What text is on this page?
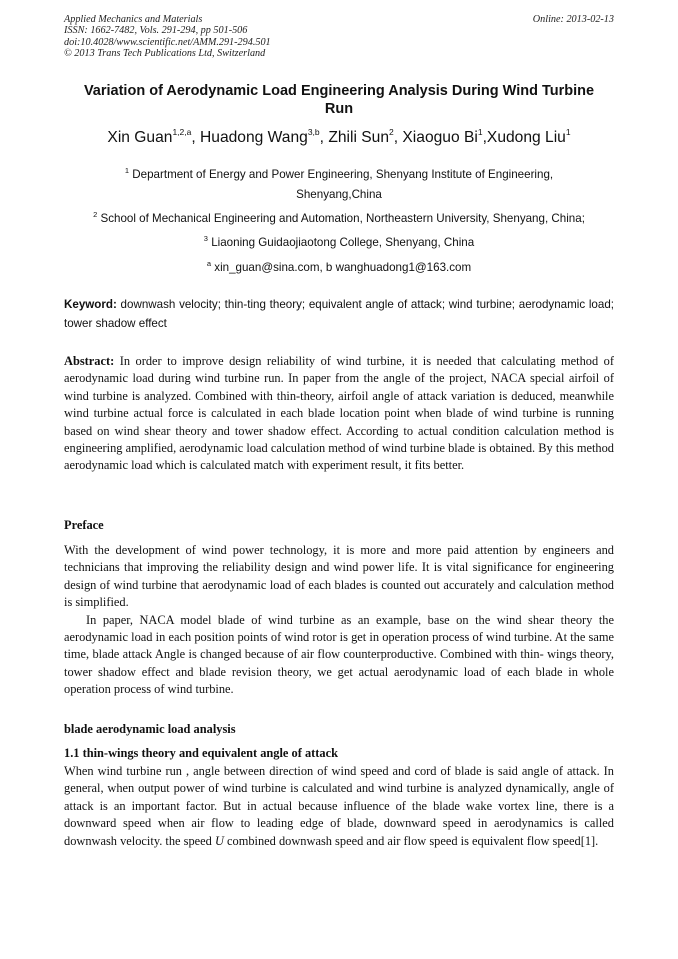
Applied Mechanics and Materials
ISSN: 1662-7482, Vols. 291-294, pp 501-506
doi:10.4028/www.scientific.net/AMM.291-294.501
© 2013 Trans Tech Publications Ltd, Switzerland
Online: 2013-02-13
Variation of Aerodynamic Load Engineering Analysis During Wind Turbine Run
Xin Guan$^{1,2,a}$, Huadong Wang$^{3,b}$, Zhili Sun$^2$, Xiaoguo Bi$^1$,Xudong Liu$^1$
$^1$ Department of Energy and Power Engineering, Shenyang Institute of Engineering,
Shenyang,China
$^2$ School of Mechanical Engineering and Automation, Northeastern University, Shenyang, China;
$^3$ Liaoning Guidaojiaotong College, Shenyang, China
$^a$ xin_guan@sina.com, b wanghuadong1@163.com
Keyword: downwash velocity; thin-ting theory; equivalent angle of attack; wind turbine; aerodynamic load; tower shadow effect
Abstract: In order to improve design reliability of wind turbine, it is needed that calculating method of aerodynamic load during wind turbine run. In paper from the angle of the project, NACA special airfoil of wind turbine is analyzed. Combined with thin-theory, airfoil angle of attack variation is deduced, meanwhile wind turbine actual force is calculated in each blade location point when blade of wind turbine is running based on wind shear theory and tower shadow effect. According to actual condition calculation method is engineering amplified, aerodynamic load calculation method of wind turbine blade is obtained. By this method aerodynamic load which is calculated match with experiment result, it fits better.
Preface
With the development of wind power technology, it is more and more paid attention by engineers and technicians that improving the reliability design and wind power life. It is vital significance for engineering design of wind turbine that aerodynamic load of each blades is counted out accurately and calculation method is simplified.
In paper, NACA model blade of wind turbine as an example, base on the wind shear theory the aerodynamic load in each position points of wind rotor is get in operation process of wind turbine. At the same time, blade attack Angle is changed because of air flow counterproductive. Combined with thin- wings theory, tower shadow effect and blade revision theory, we get actual aerodynamic load of each blade in whole operation process of wind turbine.
blade aerodynamic load analysis
1.1 thin-wings theory and equivalent angle of attack
When wind turbine run , angle between direction of wind speed and cord of blade is said angle of attack. In general, when output power of wind turbine is calculated and wind turbine is analyzed dynamically, angle of attack is an important factor. But in actual because influence of the blade wake vortex line, there is a downward speed when air flow to leading edge of blade, downward speed in aerodynamics is called downwash velocity. the speed U combined downwash speed and air flow speed is equivalent flow speed[1].
